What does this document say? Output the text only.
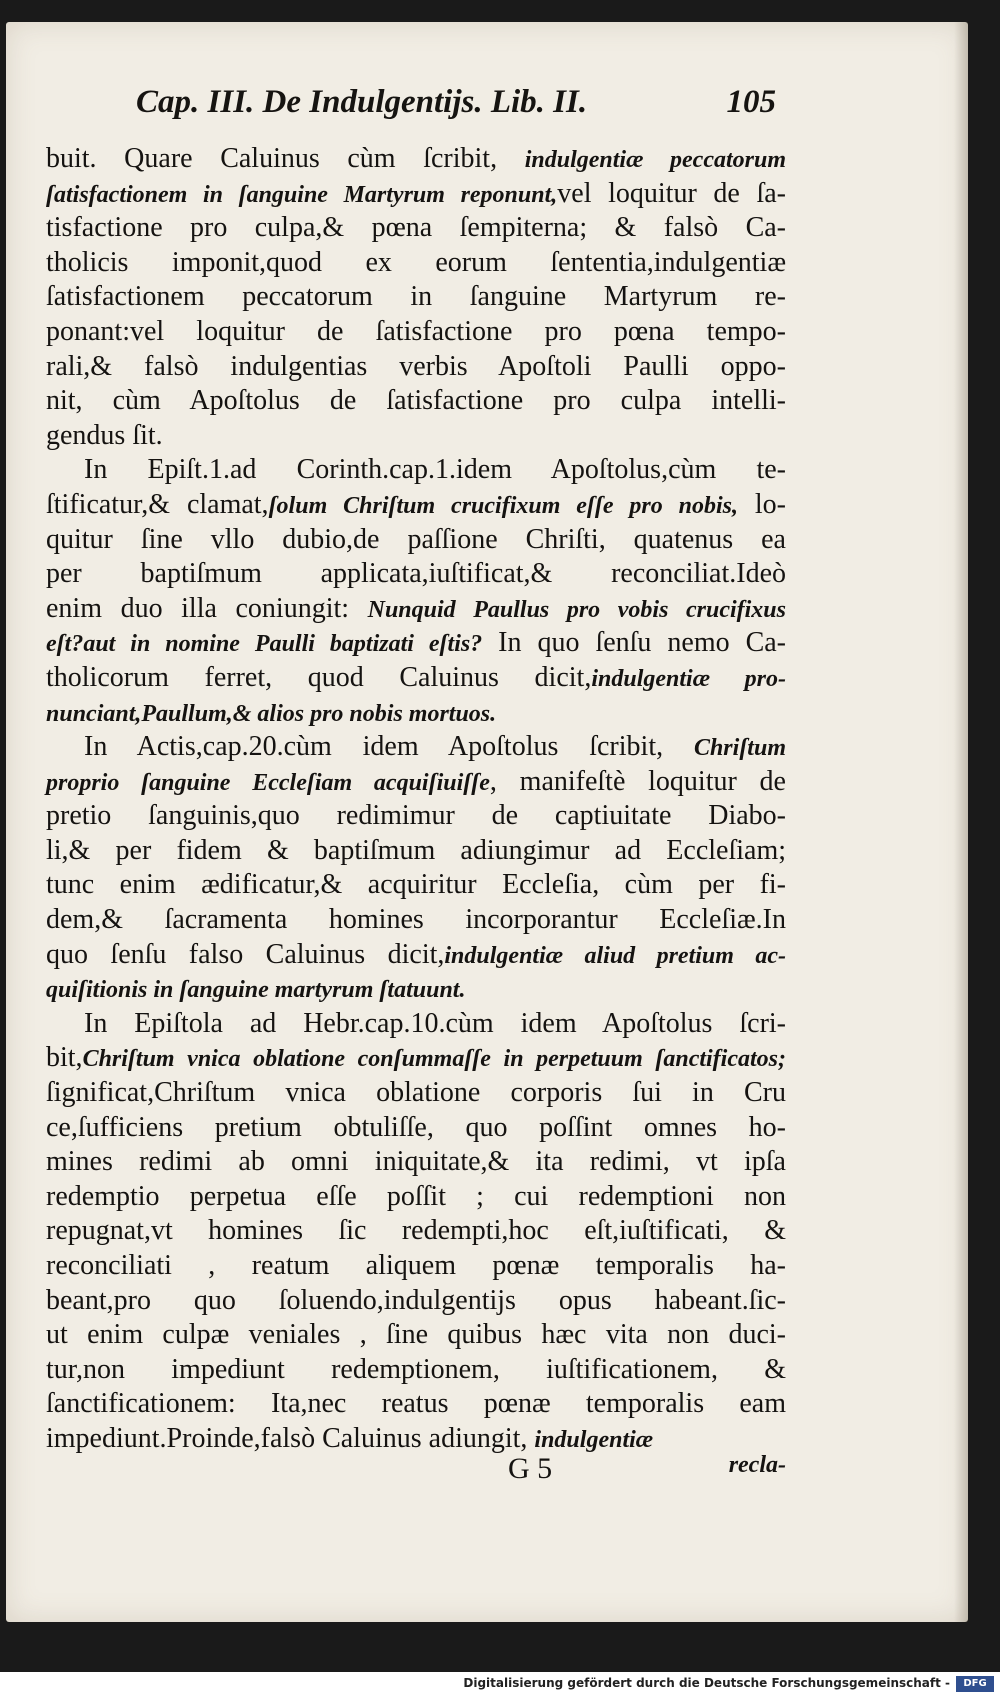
Cap. III. De Indulgentijs. Lib. II.	105
buit. Quare Caluinus cùm ſcribit, indulgentiæ peccatorum
ſatisfactionem in ſanguine Martyrum reponunt,vel loquitur de ſa-
tisfactione pro culpa,& pœna ſempiterna; & falsò Ca-
tholicis imponit,quod ex eorum ſententia,indulgentiæ
ſatisfactionem peccatorum in ſanguine Martyrum re-
ponant:vel loquitur de ſatisfactione pro pœna tempo-
rali,& falsò indulgentias verbis Apoſtoli Paulli oppo-
nit, cùm Apoſtolus de ſatisfactione pro culpa intelli-
gendus ſit.
In Epiſt.1.ad Corinth.cap.1.idem Apoſtolus,cùm te-
ſtificatur,& clamat,ſolum Chriſtum crucifixum eſſe pro nobis, lo-
quitur ſine vllo dubio,de paſſione Chriſti, quatenus ea
per baptiſmum applicata,iuſtificat,& reconciliat.Ideò
enim duo illa coniungit: Nunquid Paullus pro vobis crucifixus
eſt?aut in nomine Paulli baptizati eſtis? In quo ſenſu nemo Ca-
tholicorum ferret, quod Caluinus dicit,indulgentiæ pro-
nunciant,Paullum,& alios pro nobis mortuos.
In Actis,cap.20.cùm idem Apoſtolus ſcribit, Chriſtum
proprio ſanguine Eccleſiam acquiſiuiſſe, manifeſtè loquitur de
pretio ſanguinis,quo redimimur de captiuitate Diabo-
li,& per fidem & baptiſmum adiungimur ad Eccleſiam;
tunc enim ædificatur,& acquiritur Eccleſia, cùm per fi-
dem,& ſacramenta homines incorporantur Eccleſiæ.In
quo ſenſu falso Caluinus dicit,indulgentiæ aliud pretium ac-
quiſitionis in ſanguine martyrum ſtatuunt.
In Epiſtola ad Hebr.cap.10.cùm idem Apoſtolus ſcri-
bit,Chriſtum vnica oblatione conſummaſſe in perpetuum ſanctificatos;
ſignificat,Chriſtum vnica oblatione corporis ſui in Cru
ce,ſufficiens pretium obtuliſſe, quo poſſint omnes ho-
mines redimi ab omni iniquitate,& ita redimi, vt ipſa
redemptio perpetua eſſe poſſit ; cui redemptioni non
repugnat,vt homines ſic redempti,hoc eſt,iuſtificati, &
reconciliati , reatum aliquem pœnæ temporalis ha-
beant,pro quo ſoluendo,indulgentijs opus habeant.ſic-
ut enim culpæ veniales , ſine quibus hæc vita non duci-
tur,non impediunt redemptionem, iuſtificationem, &
ſanctificationem: Ita,nec reatus pœnæ temporalis eam
impediunt.Proinde,falsò Caluinus adiungit, indulgentiæ
G 5	recla-
Digitalisierung gefördert durch die Deutsche Forschungsgemeinschaft -	DFG
